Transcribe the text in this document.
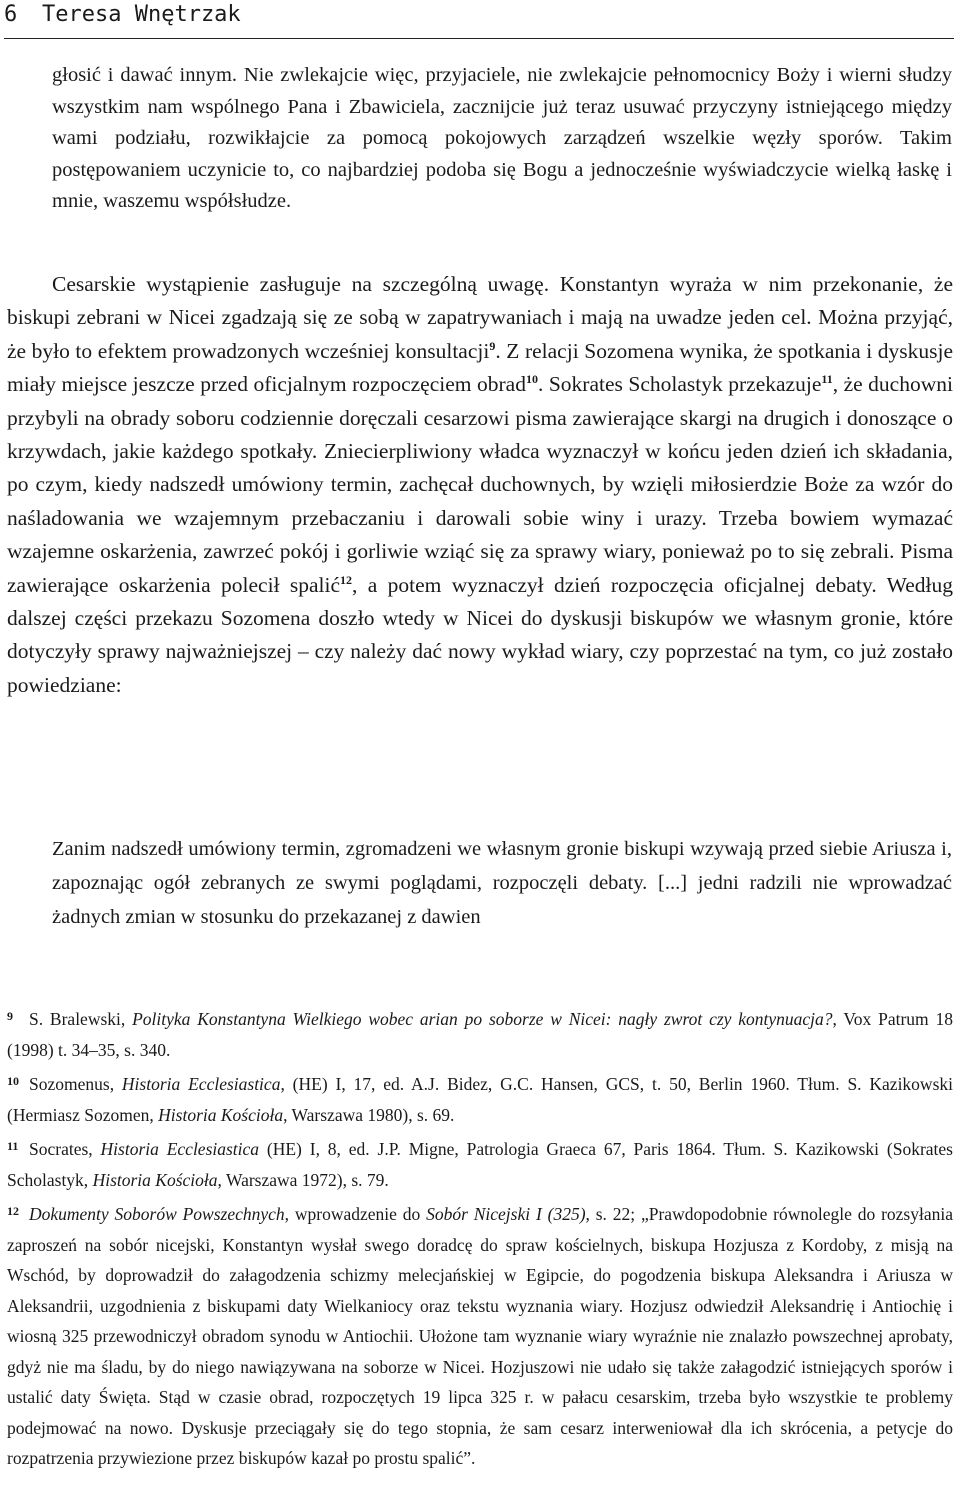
6 Teresa Wnętrzak

głosić i dawać innym. Nie zwlekajcie więc, przyjaciele, nie zwlekajcie pełnomocnicy Boży i wierni słudzy wszystkim nam wspólnego Pana i Zbawiciela, zacznijcie już teraz usuwać przyczyny istniejącego między wami podziału, rozwikłajcie za pomocą pokojowych zarządzeń wszelkie węzły sporów. Takim postępowaniem uczynicie to, co najbardziej podoba się Bogu a jednocześnie wyświadczycie wielką łaskę i mnie, waszemu współsłudze.

Cesarskie wystąpienie zasługuje na szczególną uwagę. Konstantyn wyraża w nim przekonanie, że biskupi zebrani w Nicei zgadzają się ze sobą w zapatrywaniach i mają na uwadze jeden cel. Można przyjąć, że było to efektem prowadzonych wcześniej konsultacji$^9$. Z relacji Sozomena wynika, że spotkania i dyskusje miały miejsce jeszcze przed oficjalnym rozpoczęciem obrad$^{10}$. Sokrates Scholastyk przekazuje$^{11}$, że duchowni przybyli na obrady soboru codziennie doręczali cesarzowi pisma zawierające skargi na drugich i donoszące o krzywdach, jakie każdego spotkały. Zniecierpliwiony władca wyznaczył w końcu jeden dzień ich składania, po czym, kiedy nadszedł umówiony termin, zachęcał duchownych, by wzięli miłosierdzie Boże za wzór do naśladowania we wzajemnym przebaczaniu i darowali sobie winy i urazy. Trzeba bowiem wymazać wzajemne oskarżenia, zawrzeć pokój i gorliwie wziąć się za sprawy wiary, ponieważ po to się zebrali. Pisma zawierające oskarżenia polecił spalić$^{12}$, a potem wyznaczył dzień rozpoczęcia oficjalnej debaty. Według dalszej części przekazu Sozomena doszło wtedy w Nicei do dyskusji biskupów we własnym gronie, które dotyczyły sprawy najważniejszej – czy należy dać nowy wykład wiary, czy poprzestać na tym, co już zostało powiedziane:

Zanim nadszedł umówiony termin, zgromadzeni we własnym gronie biskupi wzywają przed siebie Ariusza i, zapoznając ogół zebranych ze swymi poglądami, rozpoczęli debaty. [...] jedni radzili nie wprowadzać żadnych zmian w stosunku do przekazanej z dawien

9 S. Bralewski, Polityka Konstantyna Wielkiego wobec arian po soborze w Nicei: nagły zwrot czy kontynuacja?, Vox Patrum 18 (1998) t. 34–35, s. 340.

10 Sozomenus, Historia Ecclesiastica, (HE) I, 17, ed. A.J. Bidez, G.C. Hansen, GCS, t. 50, Berlin 1960. Tłum. S. Kazikowski (Hermiasz Sozomen, Historia Kościoła, Warszawa 1980), s. 69.

11 Socrates, Historia Ecclesiastica (HE) I, 8, ed. J.P. Migne, Patrologia Graeca 67, Paris 1864. Tłum. S. Kazikowski (Sokrates Scholastyk, Historia Kościoła, Warszawa 1972), s. 79.

12 Dokumenty Soborów Powszechnych, wprowadzenie do Sobór Nicejski I (325), s. 22; „Prawdopodobnie równolegle do rozsyłania zaproszeń na sobór nicejski, Konstantyn wysłał swego doradcę do spraw kościelnych, biskupa Hozjusza z Kordoby, z misją na Wschód, by doprowadził do załagodzenia schizmy melecjańskiej w Egipcie, do pogodzenia biskupa Aleksandra i Ariusza w Aleksandrii, uzgodnienia z biskupami daty Wielkaniocy oraz tekstu wyznania wiary. Hozjusz odwiedził Aleksandrię i Antiochię i wiosną 325 przewodniczył obradom synodu w Antiochii. Ułożone tam wyznanie wiary wyraźnie nie znalazło powszechnej aprobaty, gdyż nie ma śladu, by do niego nawiązywana na soborze w Nicei. Hozjuszowi nie udało się także załagodzić istniejących sporów i ustalić daty Święta. Stąd w czasie obrad, rozpoczętych 19 lipca 325 r. w pałacu cesarskim, trzeba było wszystkie te problemy podejmować na nowo. Dyskusje przeciągały się do tego stopnia, że sam cesarz interweniował dla ich skrócenia, a petycje do rozpatrzenia przywiezione przez biskupów kazał po prostu spalić”.
